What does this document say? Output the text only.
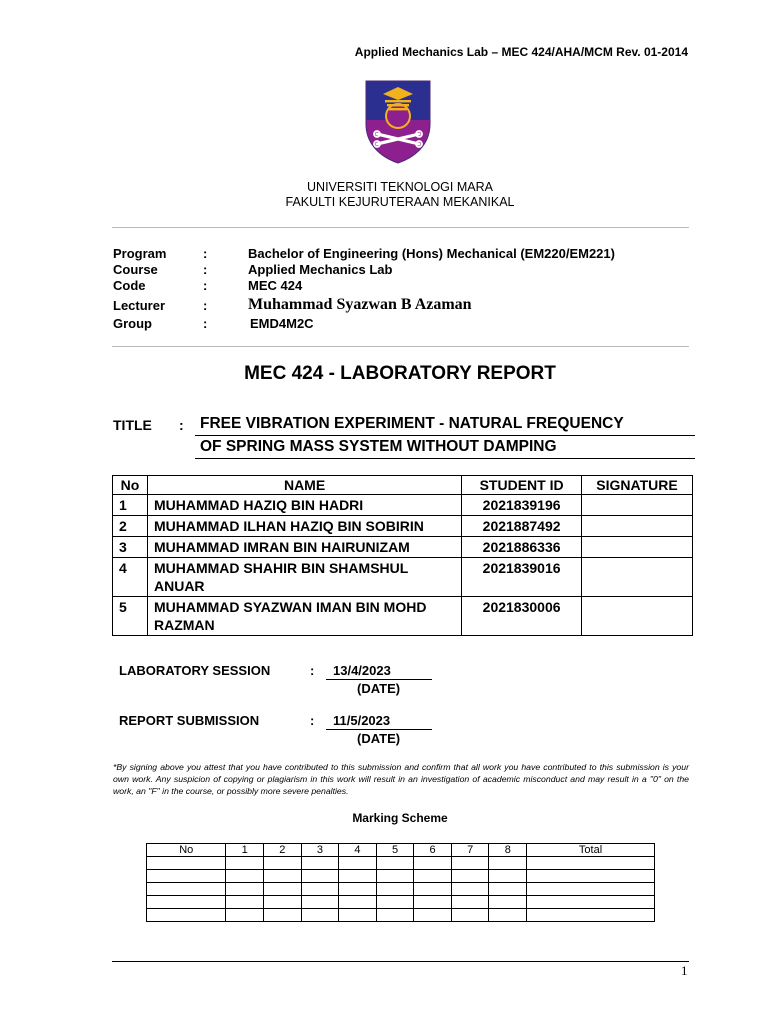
Applied Mechanics Lab – MEC 424/AHA/MCM Rev. 01-2014
UNIVERSITI TEKNOLOGI MARA
FAKULTI KEJURUTERAAN MEKANIKAL
Program	:	Bachelor of Engineering (Hons) Mechanical (EM220/EM221)
Course	:	Applied Mechanics Lab
Code	:	MEC 424
Lecturer	:	Muhammad Syazwan B Azaman
Group	:	EMD4M2C
MEC 424 - LABORATORY REPORT
TITLE :	FREE VIBRATION EXPERIMENT - NATURAL FREQUENCY
OF SPRING MASS SYSTEM WITHOUT DAMPING
No	NAME	STUDENT ID	SIGNATURE
1	MUHAMMAD HAZIQ BIN HADRI	2021839196	
2	MUHAMMAD ILHAN HAZIQ BIN SOBIRIN	2021887492	
3	MUHAMMAD IMRAN BIN HAIRUNIZAM	2021886336	
4	MUHAMMAD SHAHIR BIN SHAMSHUL ANUAR	2021839016	
5	MUHAMMAD SYAZWAN IMAN BIN MOHD RAZMAN	2021830006	
LABORATORY SESSION	:	13/4/2023
(DATE)
REPORT SUBMISSION	:	11/5/2023
(DATE)
*By signing above you attest that you have contributed to this submission and confirm that all work you have contributed to this submission is your own work. Any suspicion of copying or plagiarism in this work will result in an investigation of academic misconduct and may result in a "0" on the work, an "F" in the course, or possibly more severe penalties.
Marking Scheme
No	1	2	3	4	5	6	7	8	Total

1
